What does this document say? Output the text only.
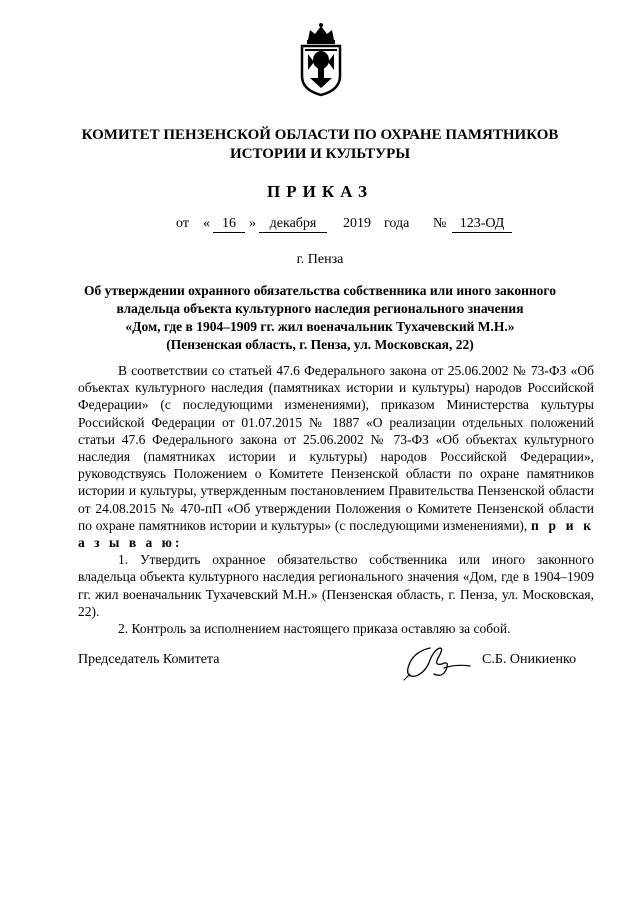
КОМИТЕТ ПЕНЗЕНСКОЙ ОБЛАСТИ ПО ОХРАНЕ ПАМЯТНИКОВ
ИСТОРИИ И КУЛЬТУРЫ
ПРИКАЗ
от « 16 » декабря	2019 года № 123-ОД
г. Пенза
Об утверждении охранного обязательства собственника или иного законного
владельца объекта культурного наследия регионального значения
«Дом, где в 1904–1909 гг. жил военачальник Тухачевский М.Н.»
(Пензенская область, г. Пенза, ул. Московская, 22)

В соответствии со статьей 47.6 Федерального закона от 25.06.2002 № 73-ФЗ «Об объектах культурного наследия (памятниках истории и культуры) народов Российской Федерации» (с последующими изменениями), приказом Министерства культуры Российской Федерации от 01.07.2015 № 1887 «О реализации отдельных положений статьи 47.6 Федерального закона от 25.06.2002 № 73-ФЗ «Об объектах культурного наследия (памятниках истории и культуры) народов Российской Федерации», руководствуясь Положением о Комитете Пензенской области по охране памятников истории и культуры, утвержденным постановлением Правительства Пензенской области от 24.08.2015 № 470-пП «Об утверждении Положения о Комитете Пензенской области по охране памятников истории и культуры» (с последующими изменениями), п р и к а з ы в а ю:

1. Утвердить охранное обязательство собственника или иного законного владельца объекта культурного наследия регионального значения «Дом, где в 1904–1909 гг. жил военачальник Тухачевский М.Н.» (Пензенская область, г. Пенза, ул. Московская, 22).

2. Контроль за исполнением настоящего приказа оставляю за собой.

Председатель Комитета	С.Б. Оникиенко
